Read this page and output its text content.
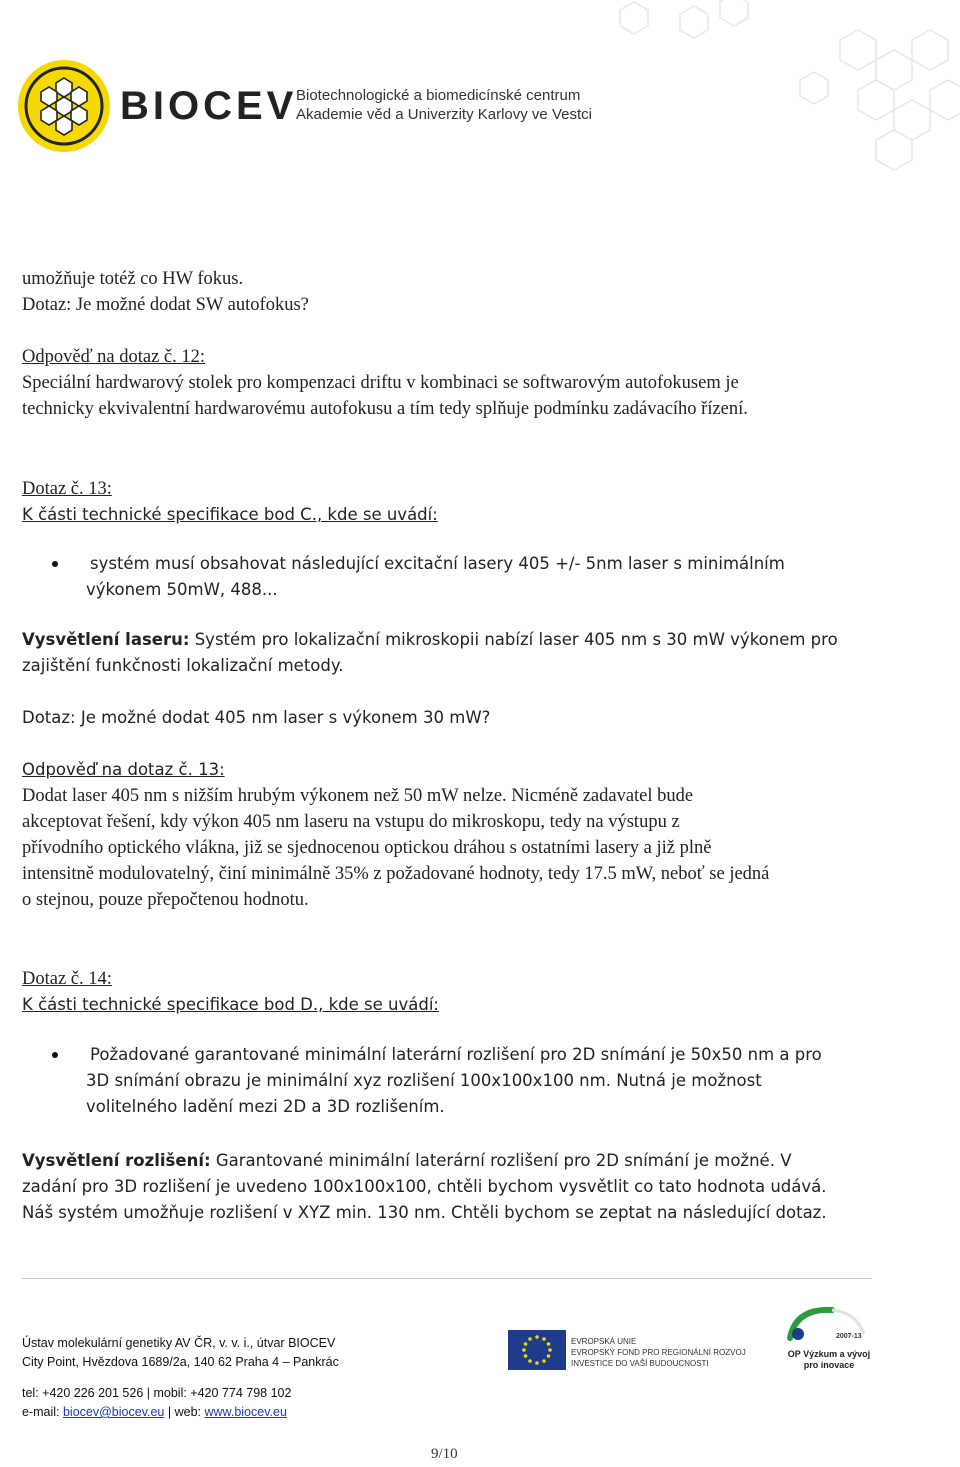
BIOCEV
Biotechnologické a biomedicínské centrum
Akademie věd a Univerzity Karlovy ve Vestci
umožňuje totéž co HW fokus.
Dotaz: Je možné dodat SW autofokus?
Odpověď na dotaz č. 12:
Speciální hardwarový stolek pro kompenzaci driftu v kombinaci se softwarovým autofokusem je
technicky ekvivalentní hardwarovému autofokusu a tím tedy splňuje podmínku zadávacího řízení.
Dotaz č. 13:
K části technické specifikace bod C., kde se uvádí:
systém musí obsahovat následující excitační lasery 405 +/- 5nm laser s minimálním
výkonem 50mW, 488...
Vysvětlení laseru: Systém pro lokalizační mikroskopii nabízí laser 405 nm s 30 mW výkonem pro
zajištění funkčnosti lokalizační metody.
Dotaz: Je možné dodat 405 nm laser s výkonem 30 mW?
Odpověď na dotaz č. 13:
Dodat laser 405 nm s nižším hrubým výkonem než 50 mW nelze. Nicméně zadavatel bude
akceptovat řešení, kdy výkon 405 nm laseru na vstupu do mikroskopu, tedy na výstupu z
přívodního optického vlákna, již se sjednocenou optickou dráhou s ostatními lasery a již plně
intensitně modulovatelný, činí minimálně 35% z požadované hodnoty, tedy 17.5 mW, neboť se jedná
o stejnou, pouze přepočtenou hodnotu.
Dotaz č. 14:
K části technické specifikace bod D., kde se uvádí:
Požadované garantované minimální laterární rozlišení pro 2D snímání je 50x50 nm a pro
3D snímání obrazu je minimální xyz rozlišení 100x100x100 nm. Nutná je možnost
volitelného ladění mezi 2D a 3D rozlišením.
Vysvětlení rozlišení: Garantované minimální laterární rozlišení pro 2D snímání je možné. V
zadání pro 3D rozlišení je uvedeno 100x100x100, chtěli bychom vysvětlit co tato hodnota udává.
Náš systém umožňuje rozlišení v XYZ min. 130 nm. Chtěli bychom se zeptat na následující dotaz.
Ústav molekulární genetiky AV ČR, v. v. i., útvar BIOCEV
City Point, Hvězdova 1689/2a, 140 62 Praha 4 – Pankrác
tel: +420 226 201 526 | mobil: +420 774 798 102
e-mail: biocev@biocev.eu | web: www.biocev.eu
EVROPSKÁ UNIE
EVROPSKÝ FOND PRO REGIONÁLNÍ ROZVOJ
INVESTICE DO VAŠÍ BUDOUCNOSTI
2007-13
OP Výzkum a vývoj
pro inovace
9/10
